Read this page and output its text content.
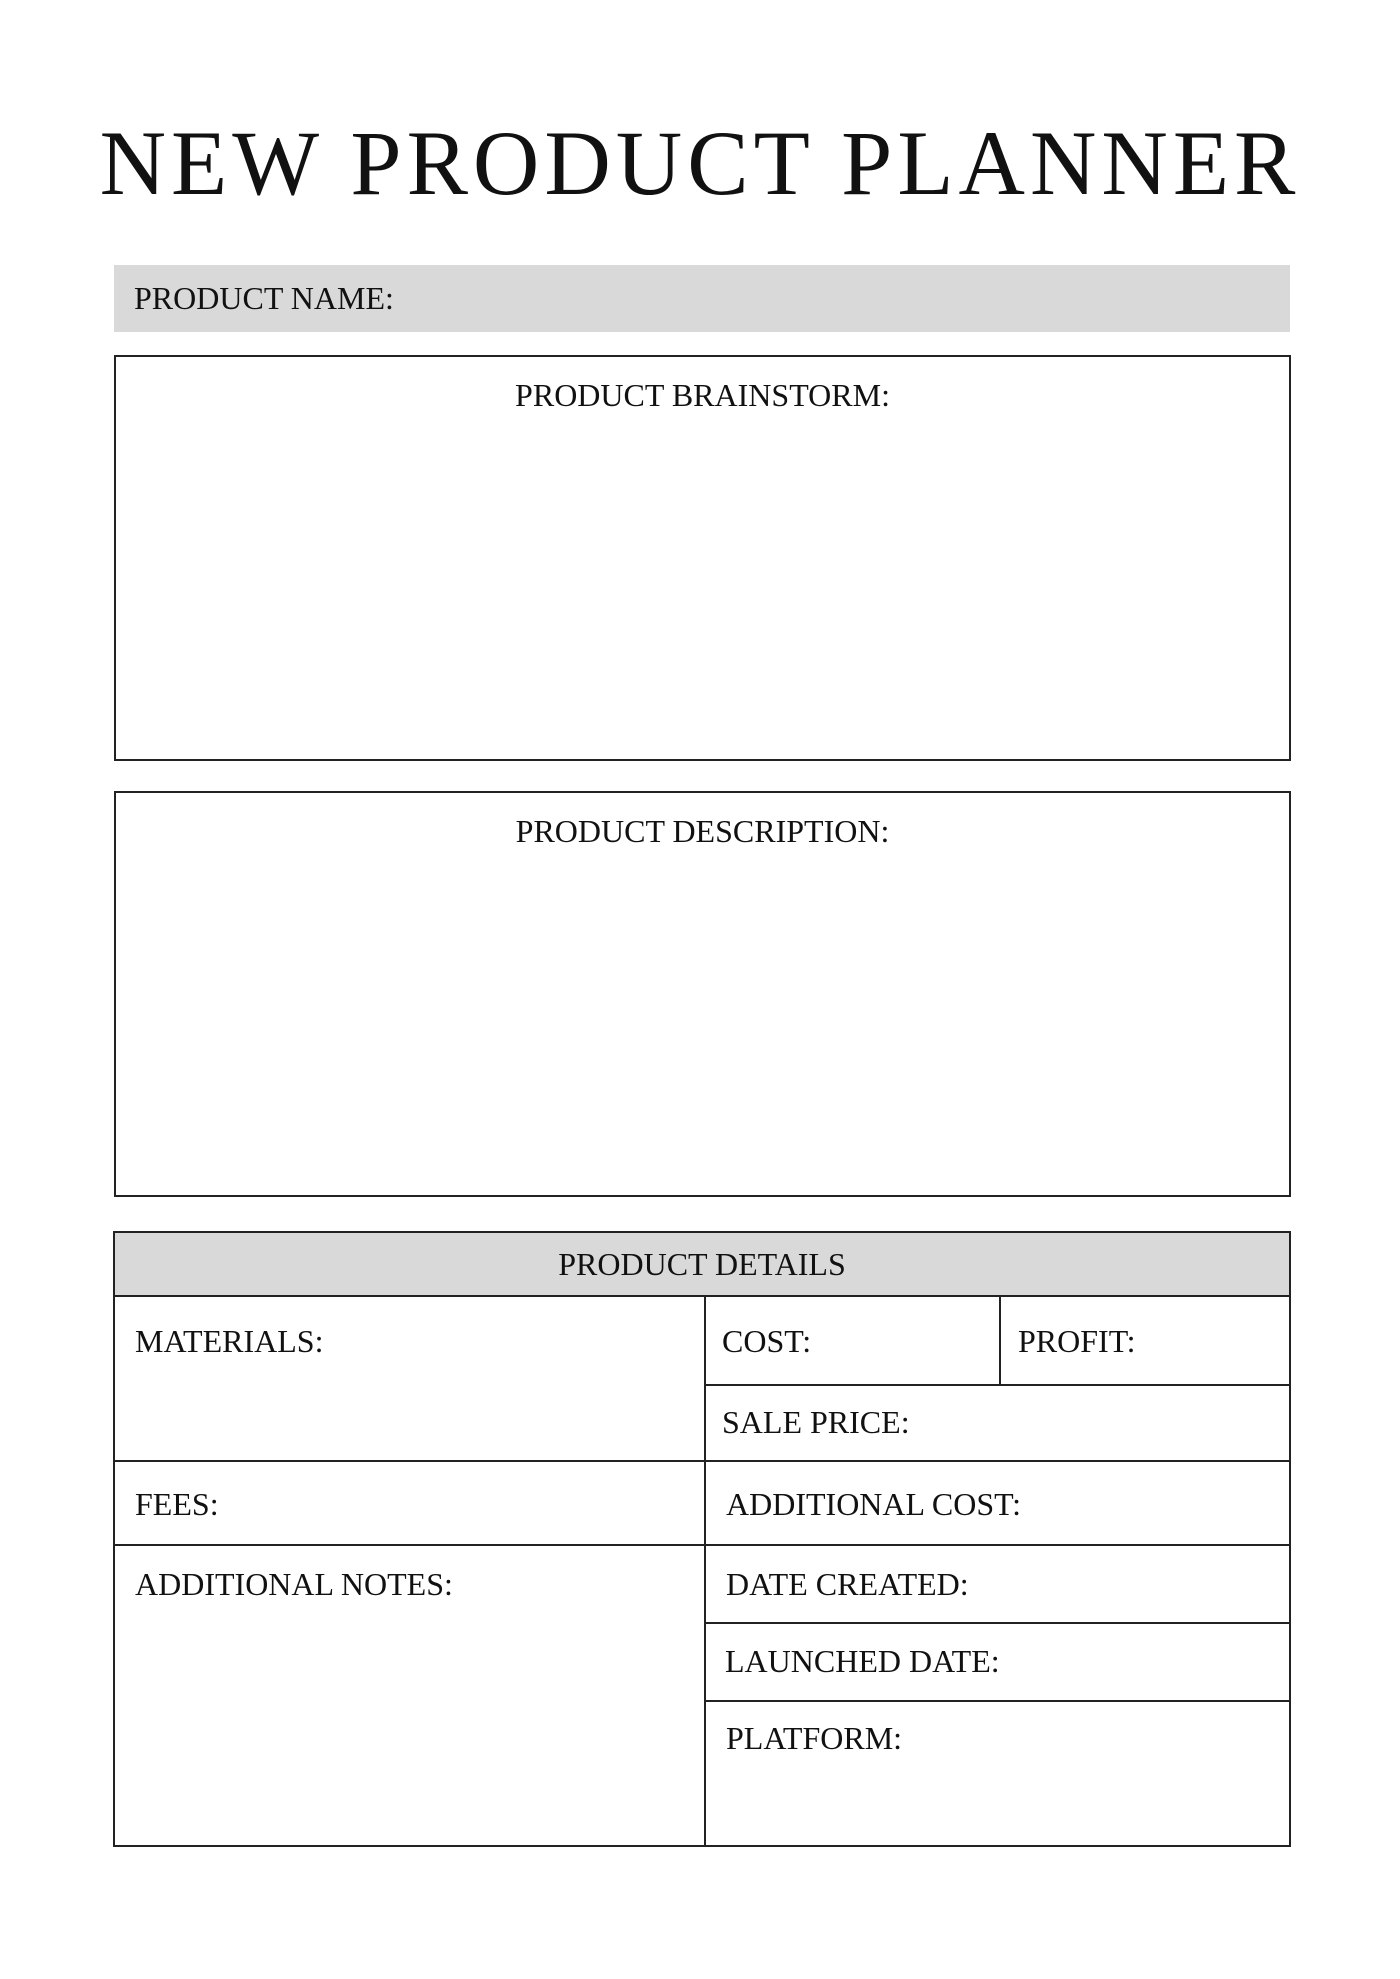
NEW PRODUCT PLANNER
PRODUCT NAME:
PRODUCT BRAINSTORM:
PRODUCT DESCRIPTION:
PRODUCT DETAILS
MATERIALS:	COST:	PROFIT:
SALE PRICE:
FEES:	ADDITIONAL COST:
ADDITIONAL NOTES:	DATE CREATED:
LAUNCHED DATE:
PLATFORM:
